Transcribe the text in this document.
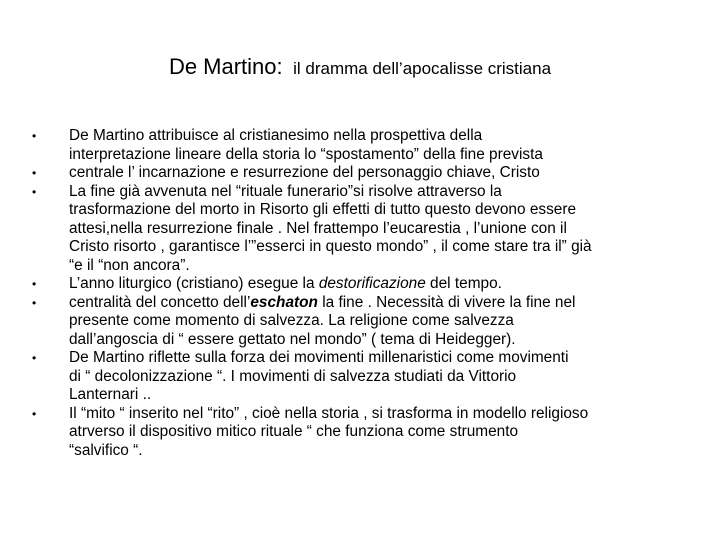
De Martino: il dramma dell’apocalisse cristiana
• De Martino attribuisce al cristianesimo nella prospettiva della
interpretazione lineare della storia lo “spostamento” della fine prevista
• centrale l’ incarnazione e resurrezione del personaggio chiave, Cristo
• La fine già avvenuta nel “rituale funerario”si risolve attraverso la
trasformazione del morto in Risorto gli effetti di tutto questo devono essere
attesi,nella resurrezione finale . Nel frattempo l’eucarestia , l’unione con il
Cristo risorto , garantisce l’”esserci in questo mondo” , il come stare tra il” già
“e il “non ancora”.
• L’anno liturgico (cristiano) esegue la destorificazione del tempo.
• centralità del concetto dell’eschaton la fine . Necessità di vivere la fine nel
presente come momento di salvezza. La religione come salvezza
dall’angoscia di “ essere gettato nel mondo” ( tema di Heidegger).
• De Martino riflette sulla forza dei movimenti millenaristici come movimenti
di “ decolonizzazione “. I movimenti di salvezza studiati da Vittorio
Lanternari ..
• Il “mito “ inserito nel “rito” , cioè nella storia , si trasforma in modello religioso
atrverso il dispositivo mitico rituale “ che funziona come strumento
“salvifico “.
